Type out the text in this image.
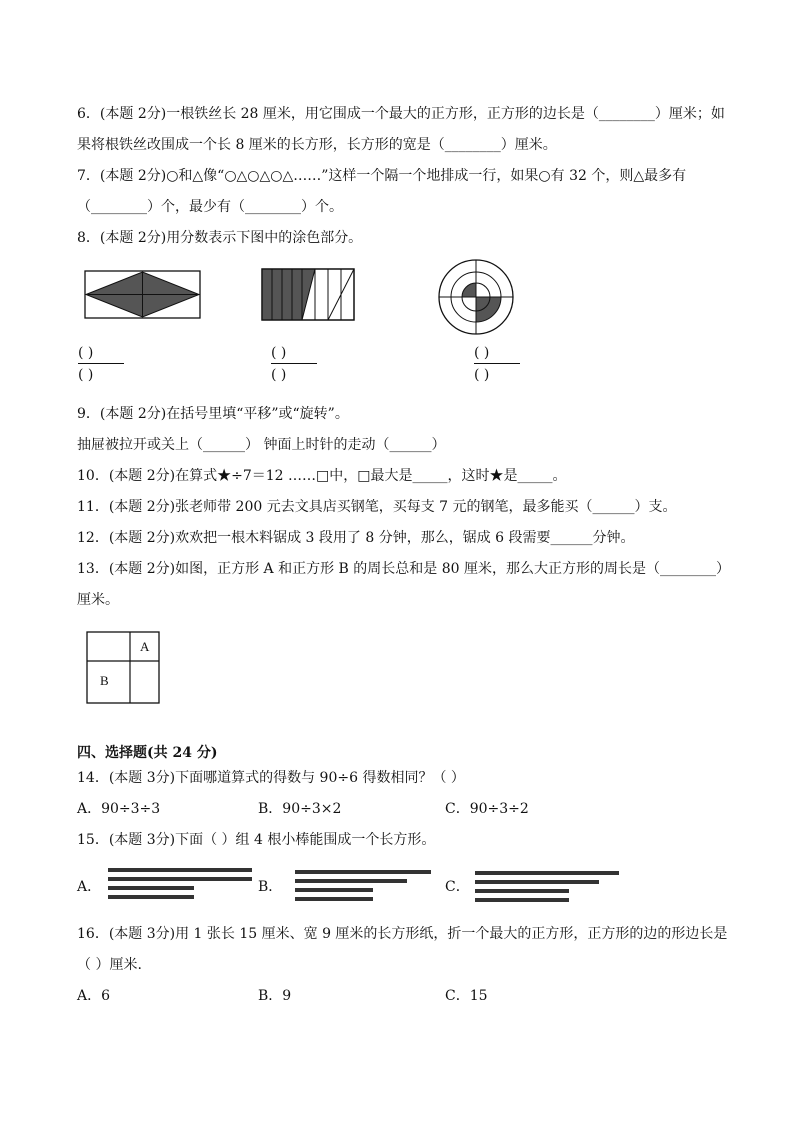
6．(本题 2分)一根铁丝长 28 厘米，用它围成一个最大的正方形，正方形的边长是（________）厘米；如
果将根铁丝改围成一个长 8 厘米的长方形，长方形的宽是（________）厘米。
7．(本题 2分)○和△像“○△○△○△……”这样一个隔一个地排成一行，如果○有 32 个，则△最多有
（________）个，最少有（________）个。
8．(本题 2分)用分数表示下图中的涂色部分。
( )
( )
( )
( )
( )
( )
9．(本题 2分)在括号里填“平移”或“旋转”。
抽屉被拉开或关上（______） 钟面上时针的走动（______）
10．(本题 2分)在算式★÷7＝12 ……□中，□最大是_____，这时★是_____。
11．(本题 2分)张老师带 200 元去文具店买钢笔，买每支 7 元的钢笔，最多能买（______）支。
12．(本题 2分)欢欢把一根木料锯成 3 段用了 8 分钟，那么，锯成 6 段需要______分钟。
13．(本题 2分)如图，正方形 A 和正方形 B 的周长总和是 80 厘米，那么大正方形的周长是（________）
厘米。
A
B
四、选择题(共 24 分)
14．(本题 3分)下面哪道算式的得数与 90÷6 得数相同？（ ）
A．90÷3÷3	B．90÷3×2	C．90÷3÷2
15．(本题 3分)下面（ ）组 4 根小棒能围成一个长方形。
A．	B．	C．
16．(本题 3分)用 1 张长 15 厘米、宽 9 厘米的长方形纸，折一个最大的正方形，正方形的边的形边长是
（ ）厘米.
A．6	B．9	C．15
